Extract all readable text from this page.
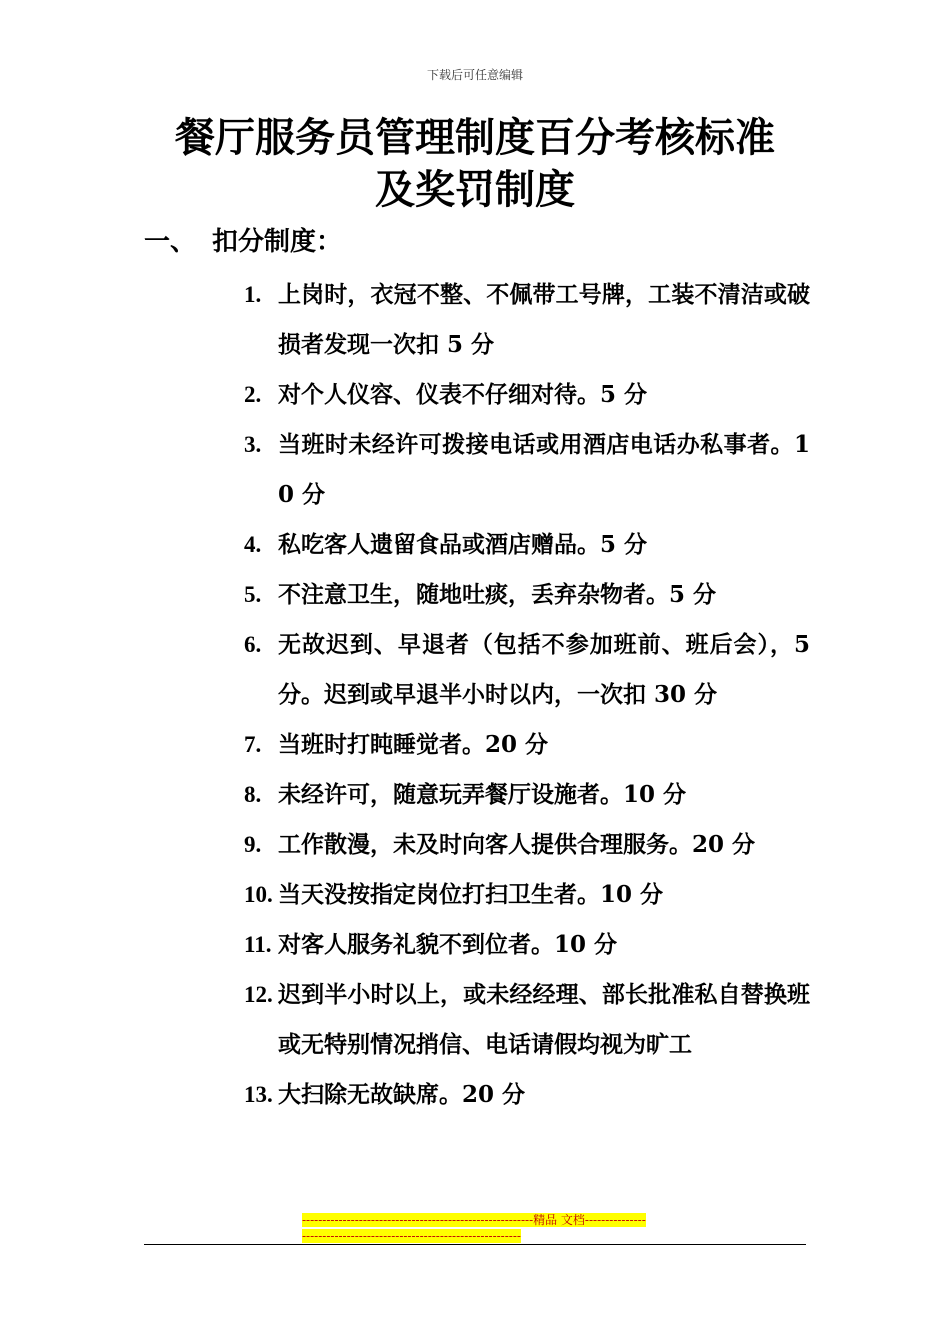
下载后可任意编辑
餐厅服务员管理制度百分考核标准
及奖罚制度
一、 扣分制度：
1. 上岗时，衣冠不整、不佩带工号牌，工装不清洁或破损者发现一次扣 5 分
2. 对个人仪容、仪表不仔细对待。5 分
3. 当班时未经许可拨接电话或用酒店电话办私事者。10 分
4. 私吃客人遗留食品或酒店赠品。5 分
5. 不注意卫生，随地吐痰，丢弃杂物者。5 分
6. 无故迟到、早退者（包括不参加班前、班后会），5 分。迟到或早退半小时以内，一次扣 30 分
7. 当班时打盹睡觉者。20 分
8. 未经许可，随意玩弄餐厅设施者。10 分
9. 工作散漫，未及时向客人提供合理服务。20 分
10. 当天没按指定岗位打扫卫生者。10 分
11. 对客人服务礼貌不到位者。10 分
12. 迟到半小时以上，或未经经理、部长批准私自替换班或无特别情况捎信、电话请假均视为旷工
13. 大扫除无故缺席。20 分
---------------------------------------------------------精品 文档---------------------------------------------------------------------
